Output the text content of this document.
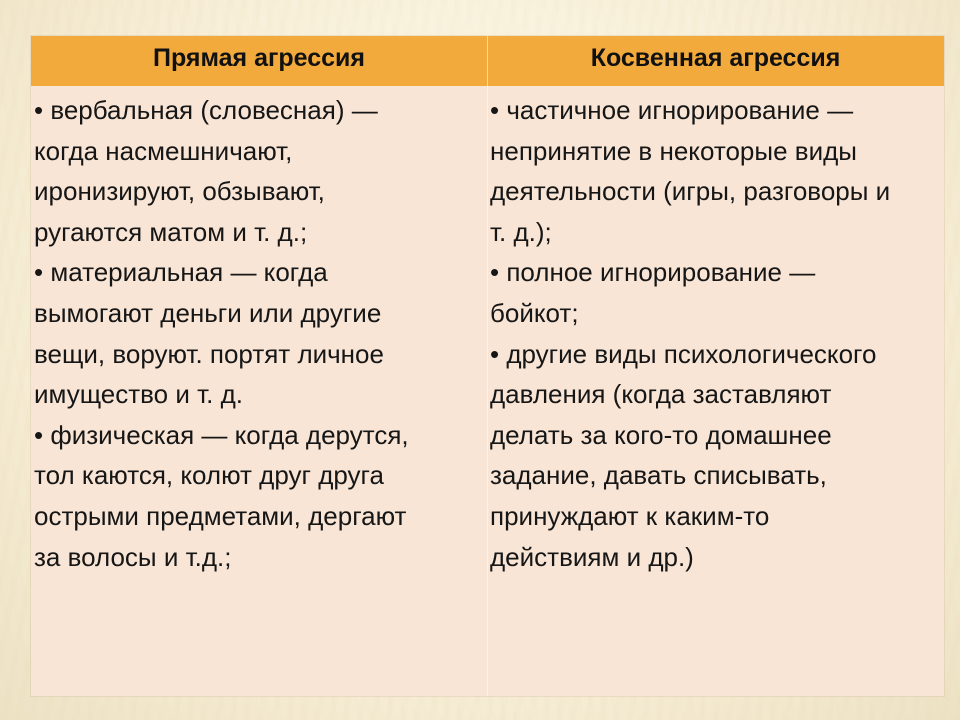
Прямая агрессия	Косвенная агрессия
• вербальная (словесная) —
когда насмешничают,
иронизируют, обзывают,
ругаются матом и т. д.;
• материальная — когда
вымогают деньги или другие
вещи, воруют. портят личное
имущество и т. д.
• физическая — когда дерутся,
тол каются, колют друг друга
острыми предметами, дергают
за волосы и т.д.;
• частичное игнорирование —
непринятие в некоторые виды
деятельности (игры, разговоры и
т. д.);
• полное игнорирование —
бойкот;
• другие виды психологического
давления (когда заставляют
делать за кого-то домашнее
задание, давать списывать,
принуждают к каким-то
действиям и др.)
